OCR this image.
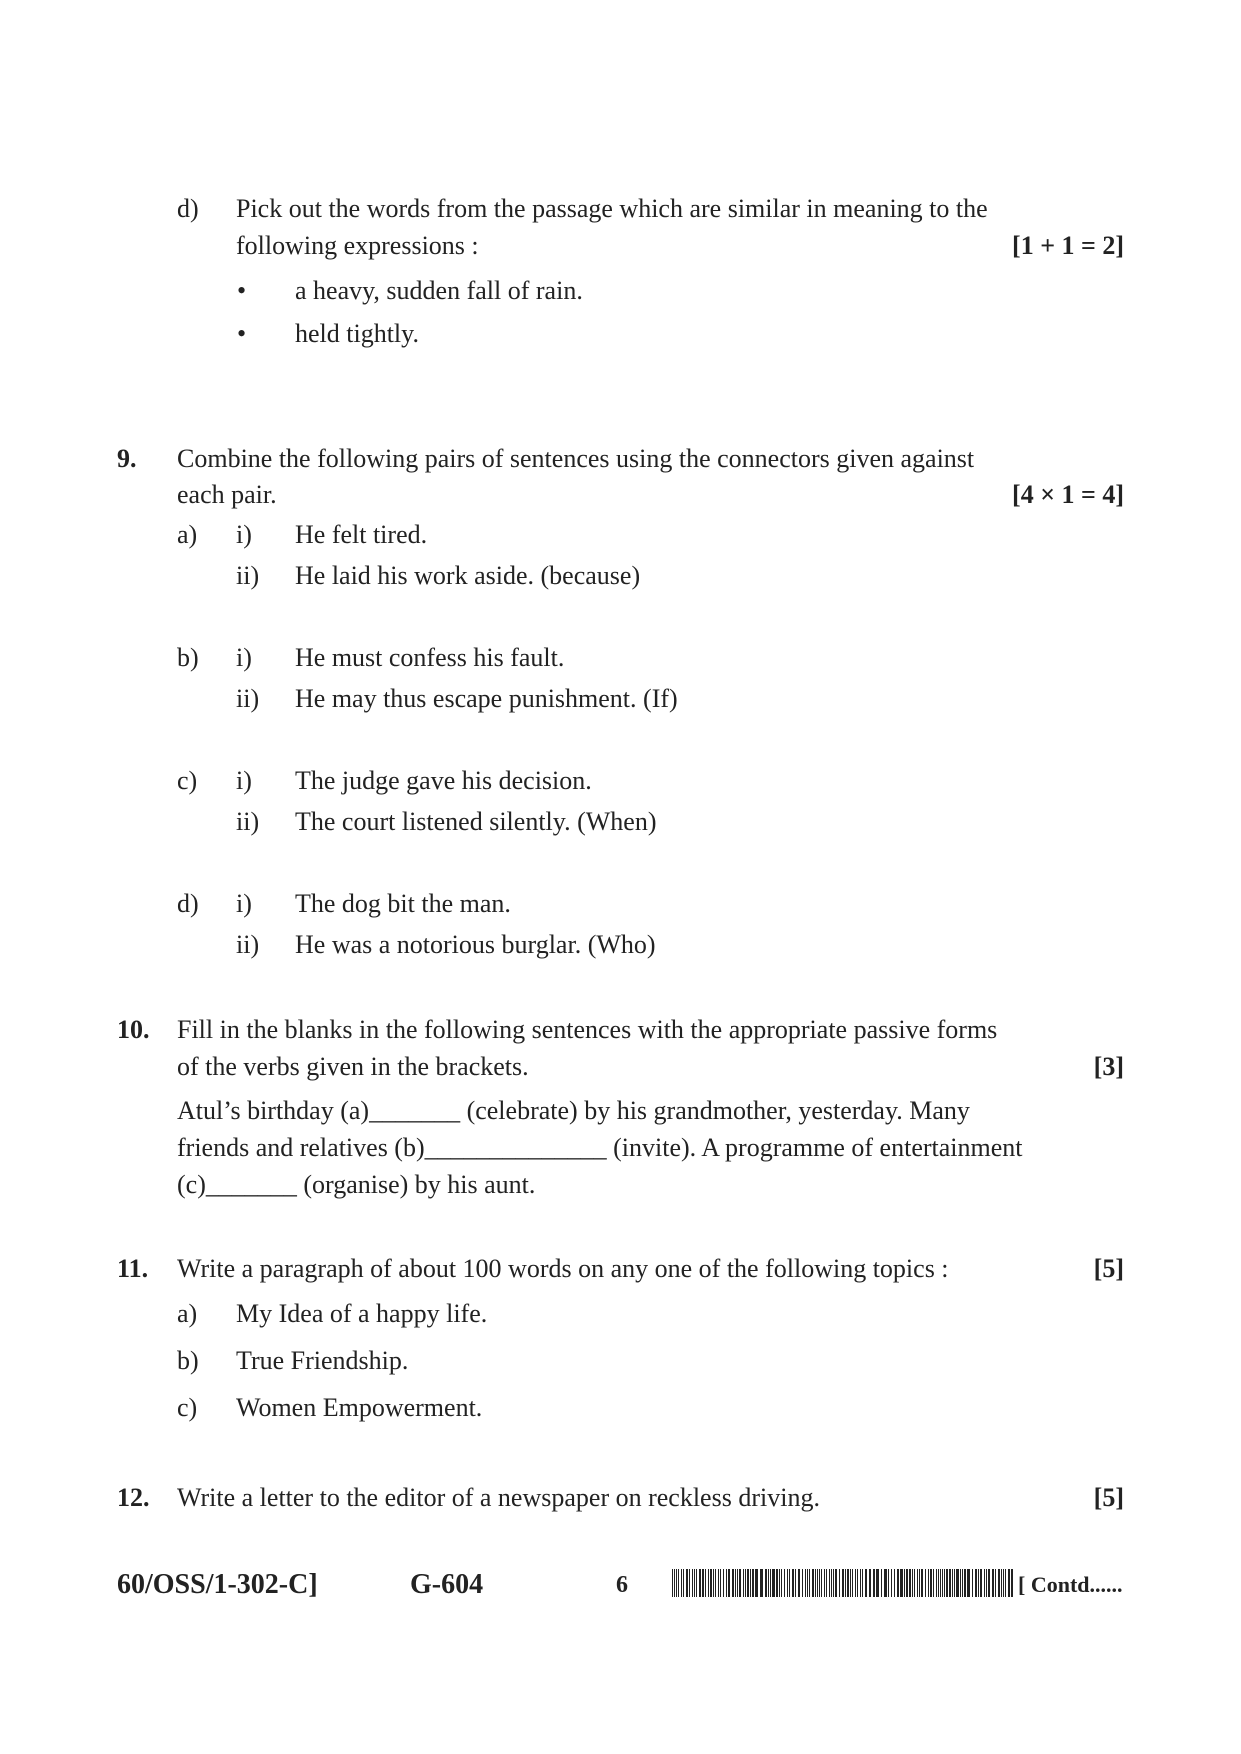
d) Pick out the words from the passage which are similar in meaning to the
following expressions :	[1 + 1 = 2]
• a heavy, sudden fall of rain.
• held tightly.
9.	Combine the following pairs of sentences using the connectors given against
each pair.	[4 × 1 = 4]
a) i) He felt tired.
ii) He laid his work aside. (because)
b) i) He must confess his fault.
ii) He may thus escape punishment. (If)
c) i) The judge gave his decision.
ii) The court listened silently. (When)
d) i) The dog bit the man.
ii) He was a notorious burglar. (Who)
10.	Fill in the blanks in the following sentences with the appropriate passive forms
of the verbs given in the brackets.	[3]
Atul’s birthday (a)_______ (celebrate) by his grandmother, yesterday. Many
friends and relatives (b)______________ (invite). A programme of entertainment
(c)_______ (organise) by his aunt.
11.	Write a paragraph of about 100 words on any one of the following topics :	[5]
a) My Idea of a happy life.
b) True Friendship.
c) Women Empowerment.
12.	Write a letter to the editor of a newspaper on reckless driving.	[5]
60/OSS/1-302-C]	G-604	6	[ Contd......
